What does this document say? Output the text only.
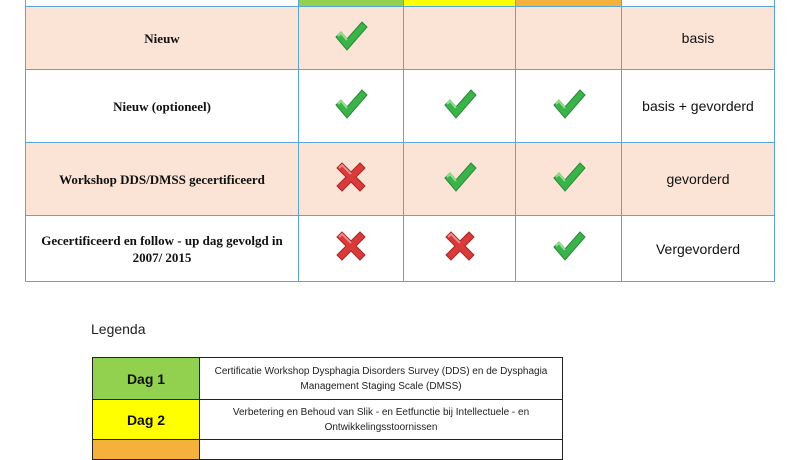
Nieuw				basis
Nieuw (optioneel)				basis + gevorderd
Workshop DDS/DMSS gecertificeerd				gevorderd
Gecertificeerd en follow - up dag gevolgd in 2007/ 2015				Vergevorderd
Legenda
Dag 1	Certificatie Workshop Dysphagia Disorders Survey (DDS) en de Dysphagia Management Staging Scale (DMSS)
Dag 2	Verbetering en Behoud van Slik - en Eetfunctie bij Intellectuele - en Ontwikkelingsstoornissen
